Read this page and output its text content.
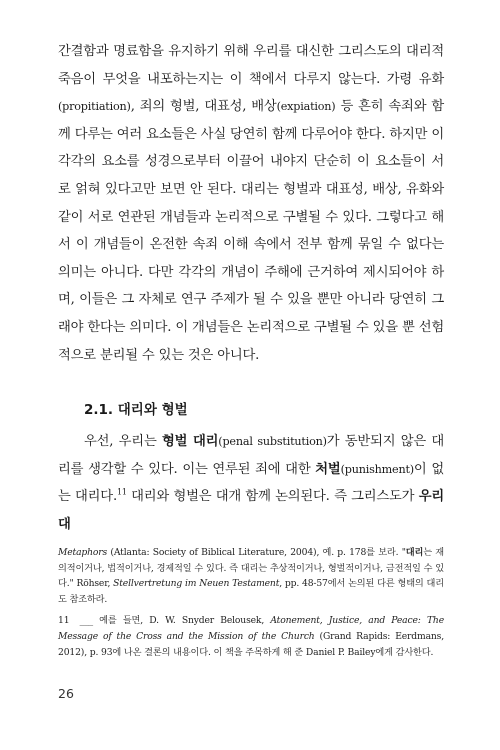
간결함과 명료함을 유지하기 위해 우리를 대신한 그리스도의 대리적 죽음이 무엇을 내포하는지는 이 책에서 다루지 않는다. 가령 유화(propitiation), 죄의 형벌, 대표성, 배상(expiation) 등 흔히 속죄와 함께 다루는 여러 요소들은 사실 당연히 함께 다루어야 한다. 하지만 이 각각의 요소를 성경으로부터 이끌어 내야지 단순히 이 요소들이 서로 얽혀 있다고만 보면 안 된다. 대리는 형벌과 대표성, 배상, 유화와 같이 서로 연관된 개념들과 논리적으로 구별될 수 있다. 그렇다고 해서 이 개념들이 온전한 속죄 이해 속에서 전부 함께 묶일 수 없다는 의미는 아니다. 다만 각각의 개념이 주해에 근거하여 제시되어야 하며, 이들은 그 자체로 연구 주제가 될 수 있을 뿐만 아니라 당연히 그래야 한다는 의미다. 이 개념들은 논리적으로 구별될 수 있을 뿐 선험적으로 분리될 수 있는 것은 아니다.

2.1. 대리와 형벌

우선, 우리는 형벌 대리(penal substitution)가 동반되지 않은 대리를 생각할 수 있다. 이는 연루된 죄에 대한 처벌(punishment)이 없는 대리다.$^{11}$ 대리와 형벌은 대개 함께 논의된다. 즉 그리스도가 우리 대

Metaphors (Atlanta: Society of Biblical Literature, 2004), 예. p. 178를 보라. "대리는 재의적이거나, 법적이거나, 경제적일 수 있다. 즉 대리는 추상적이거나, 형벌적이거나, 금전적일 수 있다." Röhser, Stellvertretung im Neuen Testament, pp. 48-57에서 논의된 다른 형태의 대리도 참조하라.

11 ___ 예를 들면, D. W. Snyder Belousek, Atonement, Justice, and Peace: The Message of the Cross and the Mission of the Church (Grand Rapids: Eerdmans, 2012), p. 93에 나온 결론의 내용이다. 이 책을 주목하게 해 준 Daniel P. Bailey에게 감사한다.

26
